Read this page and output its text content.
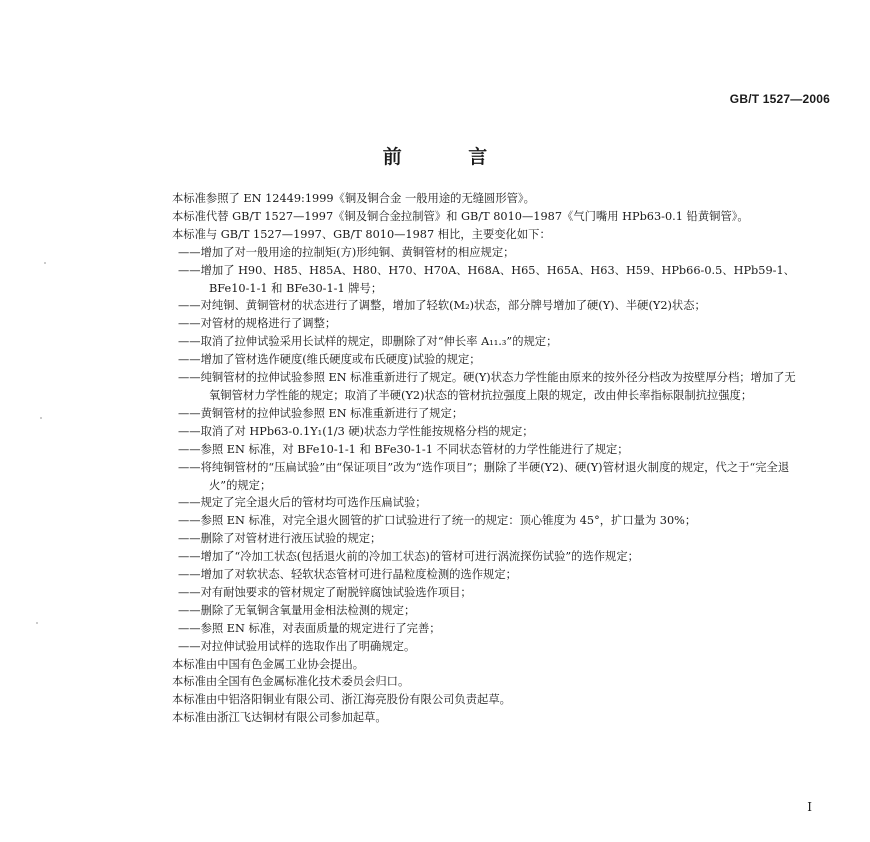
GB/T 1527—2006
前 言

本标准参照了 EN 12449:1999《铜及铜合金 一般用途的无缝圆形管》。

本标准代替 GB/T 1527—1997《铜及铜合金拉制管》和 GB/T 8010—1987《气门嘴用 HPb63-0.1 铅黄铜管》。

本标准与 GB/T 1527—1997、GB/T 8010—1987 相比，主要变化如下：

——增加了对一般用途的拉制矩(方)形纯铜、黄铜管材的相应规定；

——增加了 H90、H85、H85A、H80、H70、H70A、H68A、H65、H65A、H63、H59、HPb66-0.5、HPb59-1、BFe10-1-1 和 BFe30-1-1 牌号；

——对纯铜、黄铜管材的状态进行了调整，增加了轻软(M₂)状态，部分牌号增加了硬(Y)、半硬(Y2)状态；

——对管材的规格进行了调整；

——取消了拉伸试验采用长试样的规定，即删除了对“伸长率 A₁₁.₃”的规定；

——增加了管材选作硬度(维氏硬度或布氏硬度)试验的规定；

——纯铜管材的拉伸试验参照 EN 标准重新进行了规定。硬(Y)状态力学性能由原来的按外径分档改为按壁厚分档；增加了无氧铜管材力学性能的规定；取消了半硬(Y2)状态的管材抗拉强度上限的规定，改由伸长率指标限制抗拉强度；

——黄铜管材的拉伸试验参照 EN 标准重新进行了规定；

——取消了对 HPb63-0.1Y₁(1/3 硬)状态力学性能按规格分档的规定；

——参照 EN 标准，对 BFe10-1-1 和 BFe30-1-1 不同状态管材的力学性能进行了规定；

——将纯铜管材的“压扁试验”由“保证项目”改为“选作项目”；删除了半硬(Y2)、硬(Y)管材退火制度的规定，代之于“完全退火”的规定；

——规定了完全退火后的管材均可选作压扁试验；

——参照 EN 标准，对完全退火圆管的扩口试验进行了统一的规定：顶心锥度为 45°，扩口量为 30%；

——删除了对管材进行液压试验的规定；

——增加了“冷加工状态(包括退火前的冷加工状态)的管材可进行涡流探伤试验”的选作规定；

——增加了对软状态、轻软状态管材可进行晶粒度检测的选作规定；

——对有耐蚀要求的管材规定了耐脱锌腐蚀试验选作项目；

——删除了无氧铜含氧量用金相法检测的规定；

——参照 EN 标准，对表面质量的规定进行了完善；

——对拉伸试验用试样的选取作出了明确规定。

本标准由中国有色金属工业协会提出。

本标准由全国有色金属标准化技术委员会归口。

本标准由中铝洛阳铜业有限公司、浙江海亮股份有限公司负责起草。

本标准由浙江飞达铜材有限公司参加起草。

I
